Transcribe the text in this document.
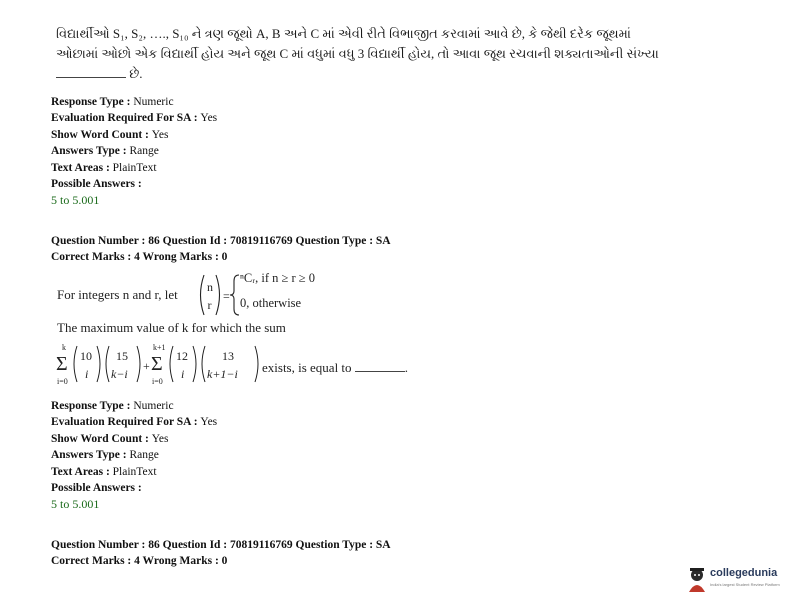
વિદ્યાર્થીઓ S₁, S₂, …., S₁₀ ને ત્રણ જૂથો A, B અને C માં એવી રીતે વિભાજીત કરવામાં આવે છે, કે જેથી દરેક જૂથમાં
ઓછામાં ઓછો એક વિદ્યાર્થી હોય અને જૂથ C માં વધુમાં વધુ 3 વિદ્યાર્થી હોય, તો આવા જૂથ રચવાની શક્યતાઓની સંખ્યા
છે.
Response Type : Numeric
Evaluation Required For SA : Yes
Show Word Count : Yes
Answers Type : Range
Text Areas : PlainText
Possible Answers :
5 to 5.001
Question Number : 86 Question Id : 70819116769 Question Type : SA
Correct Marks : 4 Wrong Marks : 0
For integers n and r, let n
r
=
ⁿCᵣ, if n ≥ r ≥ 0
0, otherwise
The maximum value of k for which the sum
k
Σ
i=0
10
i
15
k−i
+
k+1
Σ
i=0
12
i
13
k+1−i exists, is equal to	.
Response Type : Numeric
Evaluation Required For SA : Yes
Show Word Count : Yes
Answers Type : Range
Text Areas : PlainText
Possible Answers :
5 to 5.001
Question Number : 86 Question Id : 70819116769 Question Type : SA
Correct Marks : 4 Wrong Marks : 0
collegedunia
India's largest Student Review Platform
